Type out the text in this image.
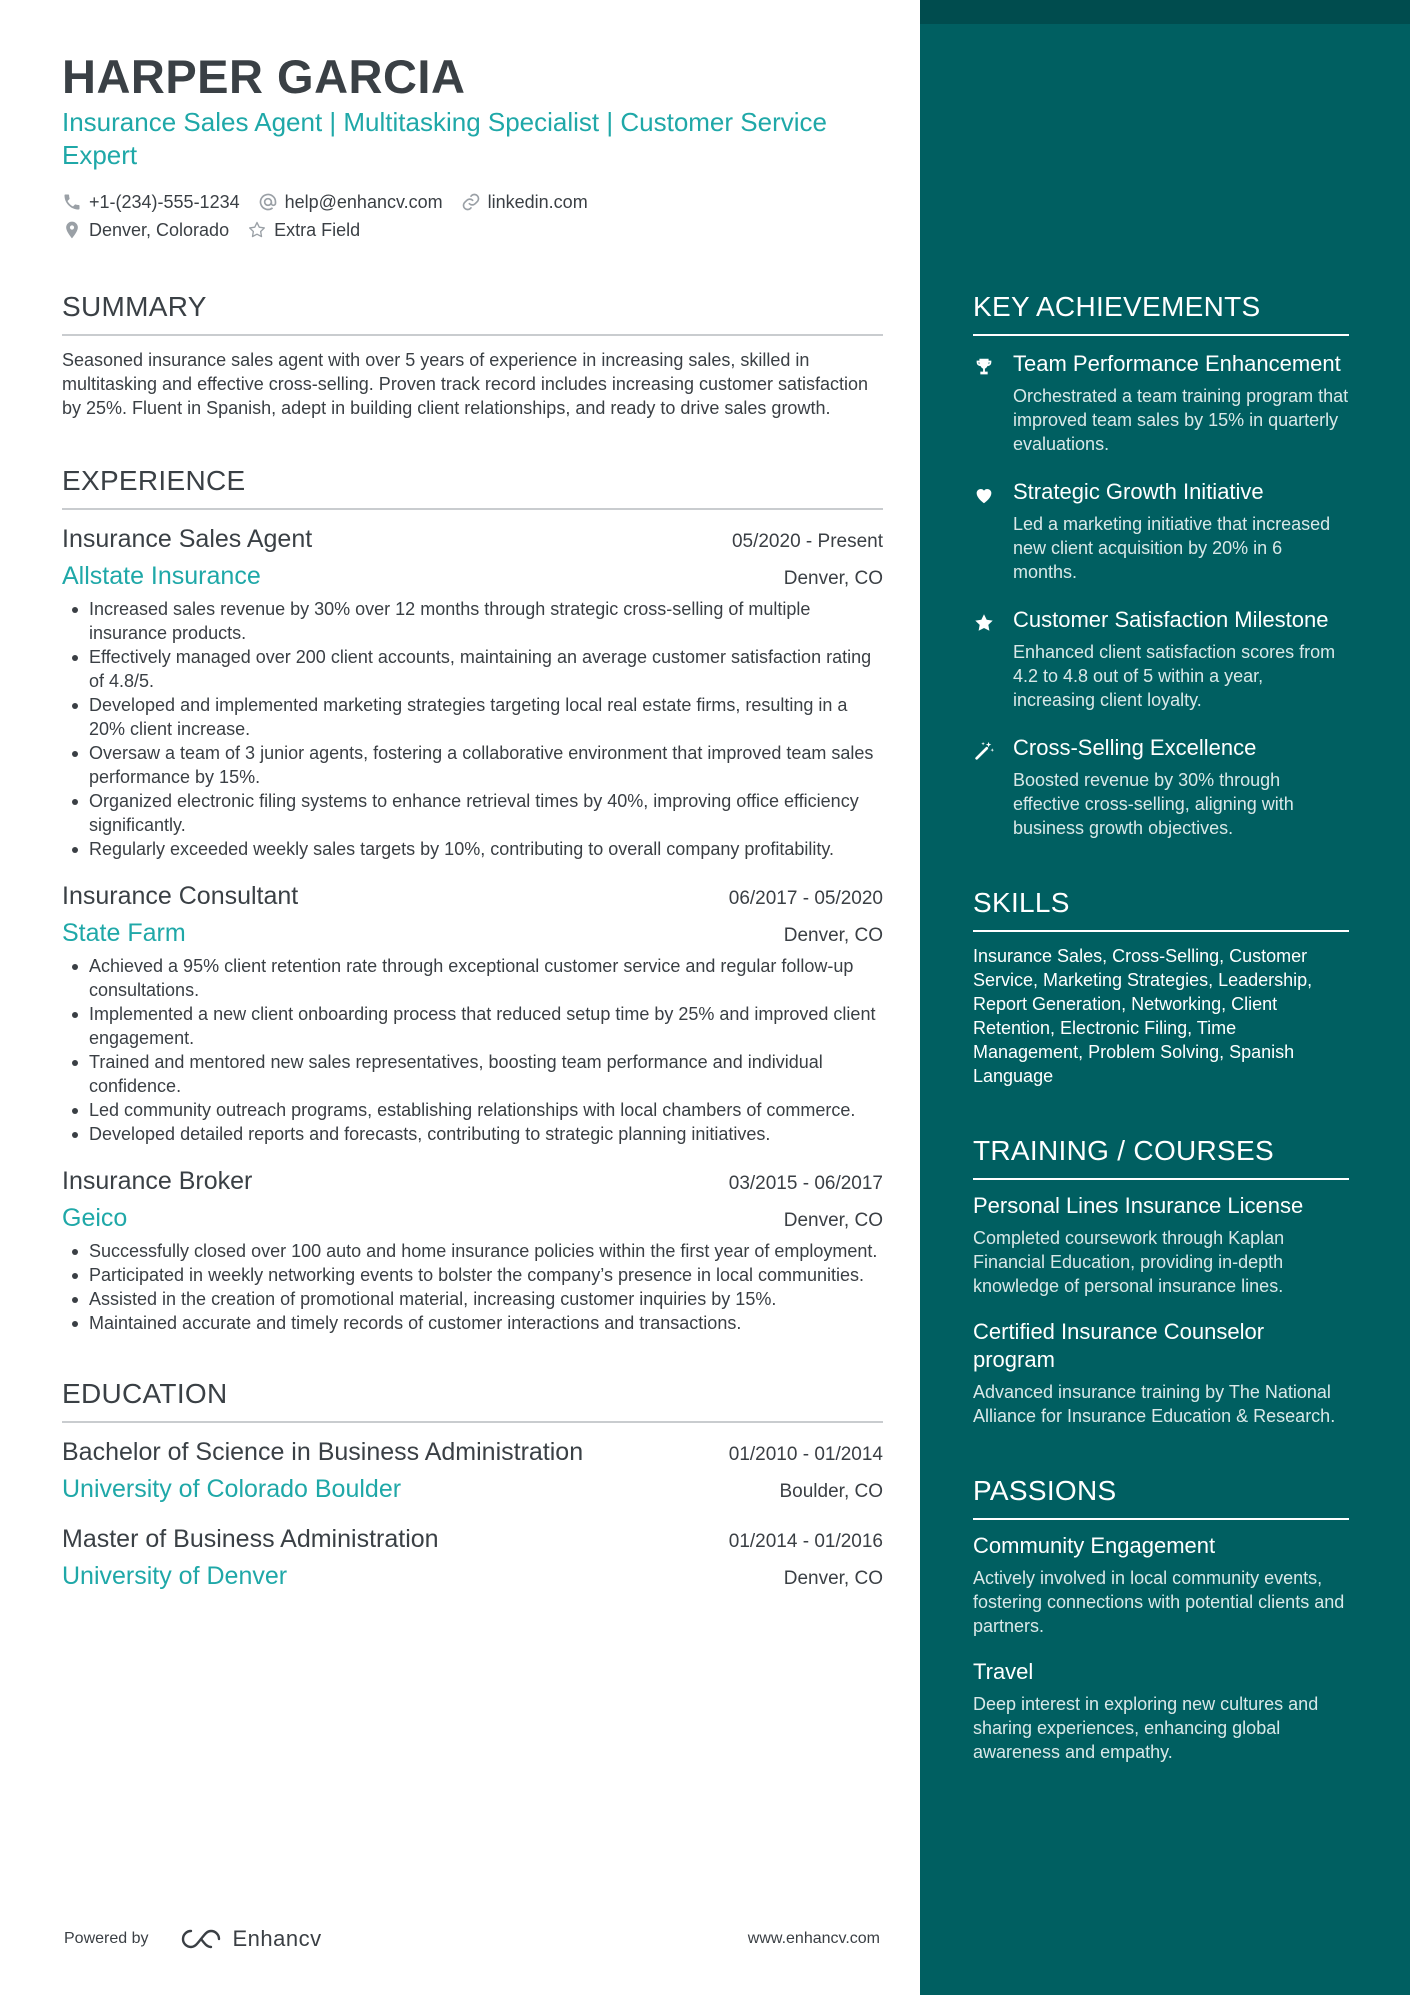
HARPER GARCIA
Insurance Sales Agent | Multitasking Specialist | Customer Service Expert
+1-(234)-555-1234	help@enhancv.com	linkedin.com
Denver, Colorado	Extra Field
SUMMARY
Seasoned insurance sales agent with over 5 years of experience in increasing sales, skilled in multitasking and effective cross-selling. Proven track record includes increasing customer satisfaction by 25%. Fluent in Spanish, adept in building client relationships, and ready to drive sales growth.
EXPERIENCE
Insurance Sales Agent	05/2020 - Present
Allstate Insurance	Denver, CO
Increased sales revenue by 30% over 12 months through strategic cross-selling of multiple insurance products.
Effectively managed over 200 client accounts, maintaining an average customer satisfaction rating of 4.8/5.
Developed and implemented marketing strategies targeting local real estate firms, resulting in a 20% client increase.
Oversaw a team of 3 junior agents, fostering a collaborative environment that improved team sales performance by 15%.
Organized electronic filing systems to enhance retrieval times by 40%, improving office efficiency significantly.
Regularly exceeded weekly sales targets by 10%, contributing to overall company profitability.
Insurance Consultant	06/2017 - 05/2020
State Farm	Denver, CO
Achieved a 95% client retention rate through exceptional customer service and regular follow-up consultations.
Implemented a new client onboarding process that reduced setup time by 25% and improved client engagement.
Trained and mentored new sales representatives, boosting team performance and individual confidence.
Led community outreach programs, establishing relationships with local chambers of commerce.
Developed detailed reports and forecasts, contributing to strategic planning initiatives.
Insurance Broker	03/2015 - 06/2017
Geico	Denver, CO
Successfully closed over 100 auto and home insurance policies within the first year of employment.
Participated in weekly networking events to bolster the company’s presence in local communities.
Assisted in the creation of promotional material, increasing customer inquiries by 15%.
Maintained accurate and timely records of customer interactions and transactions.
EDUCATION
Bachelor of Science in Business Administration	01/2010 - 01/2014
University of Colorado Boulder	Boulder, CO
Master of Business Administration	01/2014 - 01/2016
University of Denver	Denver, CO
Powered by	Enhancv	www.enhancv.com
KEY ACHIEVEMENTS
Team Performance Enhancement
Orchestrated a team training program that improved team sales by 15% in quarterly evaluations.
Strategic Growth Initiative
Led a marketing initiative that increased new client acquisition by 20% in 6 months.
Customer Satisfaction Milestone
Enhanced client satisfaction scores from 4.2 to 4.8 out of 5 within a year, increasing client loyalty.
Cross-Selling Excellence
Boosted revenue by 30% through effective cross-selling, aligning with business growth objectives.
SKILLS
Insurance Sales, Cross-Selling, Customer Service, Marketing Strategies, Leadership, Report Generation, Networking, Client Retention, Electronic Filing, Time Management, Problem Solving, Spanish Language
TRAINING / COURSES
Personal Lines Insurance License
Completed coursework through Kaplan Financial Education, providing in-depth knowledge of personal insurance lines.
Certified Insurance Counselor program
Advanced insurance training by The National Alliance for Insurance Education & Research.
PASSIONS
Community Engagement
Actively involved in local community events, fostering connections with potential clients and partners.
Travel
Deep interest in exploring new cultures and sharing experiences, enhancing global awareness and empathy.
